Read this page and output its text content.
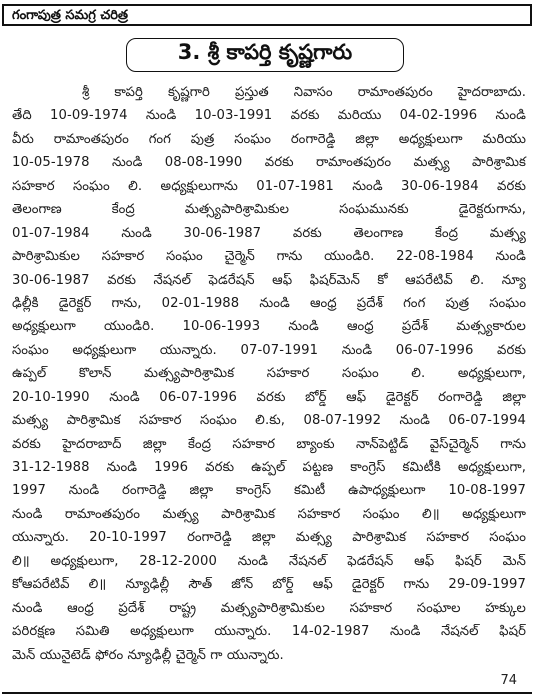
గంగాపుత్ర సమగ్ర చరిత్ర
3. శ్రీ కాపర్తి కృష్ణగారు
శ్రీ కాపర్తి కృష్ణగారి ప్రస్తుత నివాసం రామాంతపురం హైదరాబాదు.
తేది 10-09-1974 నుండి 10-03-1991 వరకు మరియు 04-02-1996 నుండి
వీరు రామాంతపురం గంగ పుత్ర సంఘం రంగారెడ్డి జిల్లా అధ్యక్షులుగా మరియు
10-05-1978 నుండి 08-08-1990 వరకు రామాంతపురం మత్స్య పారిశ్రామిక
సహకార సంఘం లి. అధ్యక్షులుగాను 01-07-1981 నుండి 30-06-1984 వరకు
తెలంగాణ కేంద్ర మత్స్యపారిశ్రామికుల సంఘమునకు డైరెక్టరుగాను,
01-07-1984 నుండి 30-06-1987 వరకు తెలంగాణ కేంద్ర మత్స్య
పారిశ్రామికుల సహకార సంఘం చైర్మెన్ గాను యుండిరి. 22-08-1984 నుండి
30-06-1987 వరకు నేషనల్ ఫెడరేషన్ ఆఫ్ ఫిషర్‌మెన్ కో ఆపరేటివ్ లి. న్యూ
ఢిల్లీకి డైరెక్టర్ గాను, 02-01-1988 నుండి ఆంధ్ర ప్రదేశ్ గంగ పుత్ర సంఘం
అధ్యక్షులుగా యుండిరి. 10-06-1993 నుండి ఆంధ్ర ప్రదేశ్ మత్స్యకారుల
సంఘం అధ్యక్షులుగా యున్నారు. 07-07-1991 నుండి 06-07-1996 వరకు
ఉప్పల్ కొలాన్ మత్స్యపారిశ్రామిక సహకార సంఘం లి. అధ్యక్షులుగా,
20-10-1990 నుండి 06-07-1996 వరకు బోర్డ్ ఆఫ్ డైరెక్టర్ రంగారెడ్డి జిల్లా
మత్స్య పారిశ్రామిక సహకార సంఘం లి.కు, 08-07-1992 నుండి 06-07-1994
వరకు హైదరాబాద్ జిల్లా కేంద్ర సహకార బ్యాంకు నాన్‌పెట్టిడ్ వైస్‌చైర్మెన్ గాను
31-12-1988 నుండి 1996 వరకు ఉప్పల్ పట్టణ కాంగ్రెస్ కమిటీకి అధ్యక్షులుగా,
1997 నుండి రంగారెడ్డి జిల్లా కాంగ్రెస్ కమిటీ ఉపాధ్యక్షులుగా 10-08-1997
నుండి రామాంతపురం మత్స్య పారిశ్రామిక సహకార సంఘం లి॥ అధ్యక్షులుగా
యున్నారు. 20-10-1997 రంగారెడ్డి జిల్లా మత్స్య పారిశ్రామిక సహకార సంఘం
లి॥ అధ్యక్షులుగా, 28-12-2000 నుండి నేషనల్ ఫెడరేషన్ ఆఫ్ ఫిషర్ మెన్
కోఆపరేటివ్ లి॥ న్యూఢిల్లీ సౌత్ జోన్ బోర్డ్ ఆఫ్ డైరెక్టర్ గాను 29-09-1997
నుండి ఆంధ్ర ప్రదేశ్ రాష్ట్ర మత్స్యపారిశ్రామికుల సహకార సంఘాల హక్కుల
పరిరక్షణ సమితి అధ్యక్షులుగా యున్నారు. 14-02-1987 నుండి నేషనల్ ఫిషర్
మెన్ యునైటెడ్ ఫోరం న్యూఢిల్లీ చైర్మెన్ గా యున్నారు.
74
